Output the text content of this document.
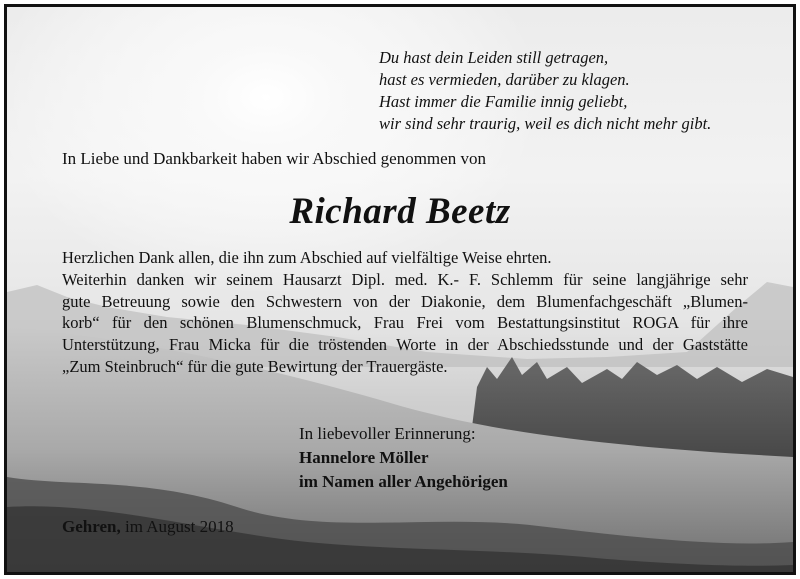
Du hast dein Leiden still getragen,
hast es vermieden, darüber zu klagen.
Hast immer die Familie innig geliebt,
wir sind sehr traurig, weil es dich nicht mehr gibt.
In Liebe und Dankbarkeit haben wir Abschied genommen von
Richard Beetz
Herzlichen Dank allen, die ihn zum Abschied auf vielfältige Weise ehrten.
Weiterhin danken wir seinem Hausarzt Dipl. med. K.- F. Schlemm für seine langjährige sehr
gute Betreuung sowie den Schwestern von der Diakonie, dem Blumenfachgeschäft „Blumen-
korb“ für den schönen Blumenschmuck, Frau Frei vom Bestattungsinstitut ROGA für ihre
Unterstützung, Frau Micka für die tröstenden Worte in der Abschiedsstunde und der Gaststätte
„Zum Steinbruch“ für die gute Bewirtung der Trauergäste.
In liebevoller Erinnerung:
Hannelore Möller
im Namen aller Angehörigen
Gehren, im August 2018
